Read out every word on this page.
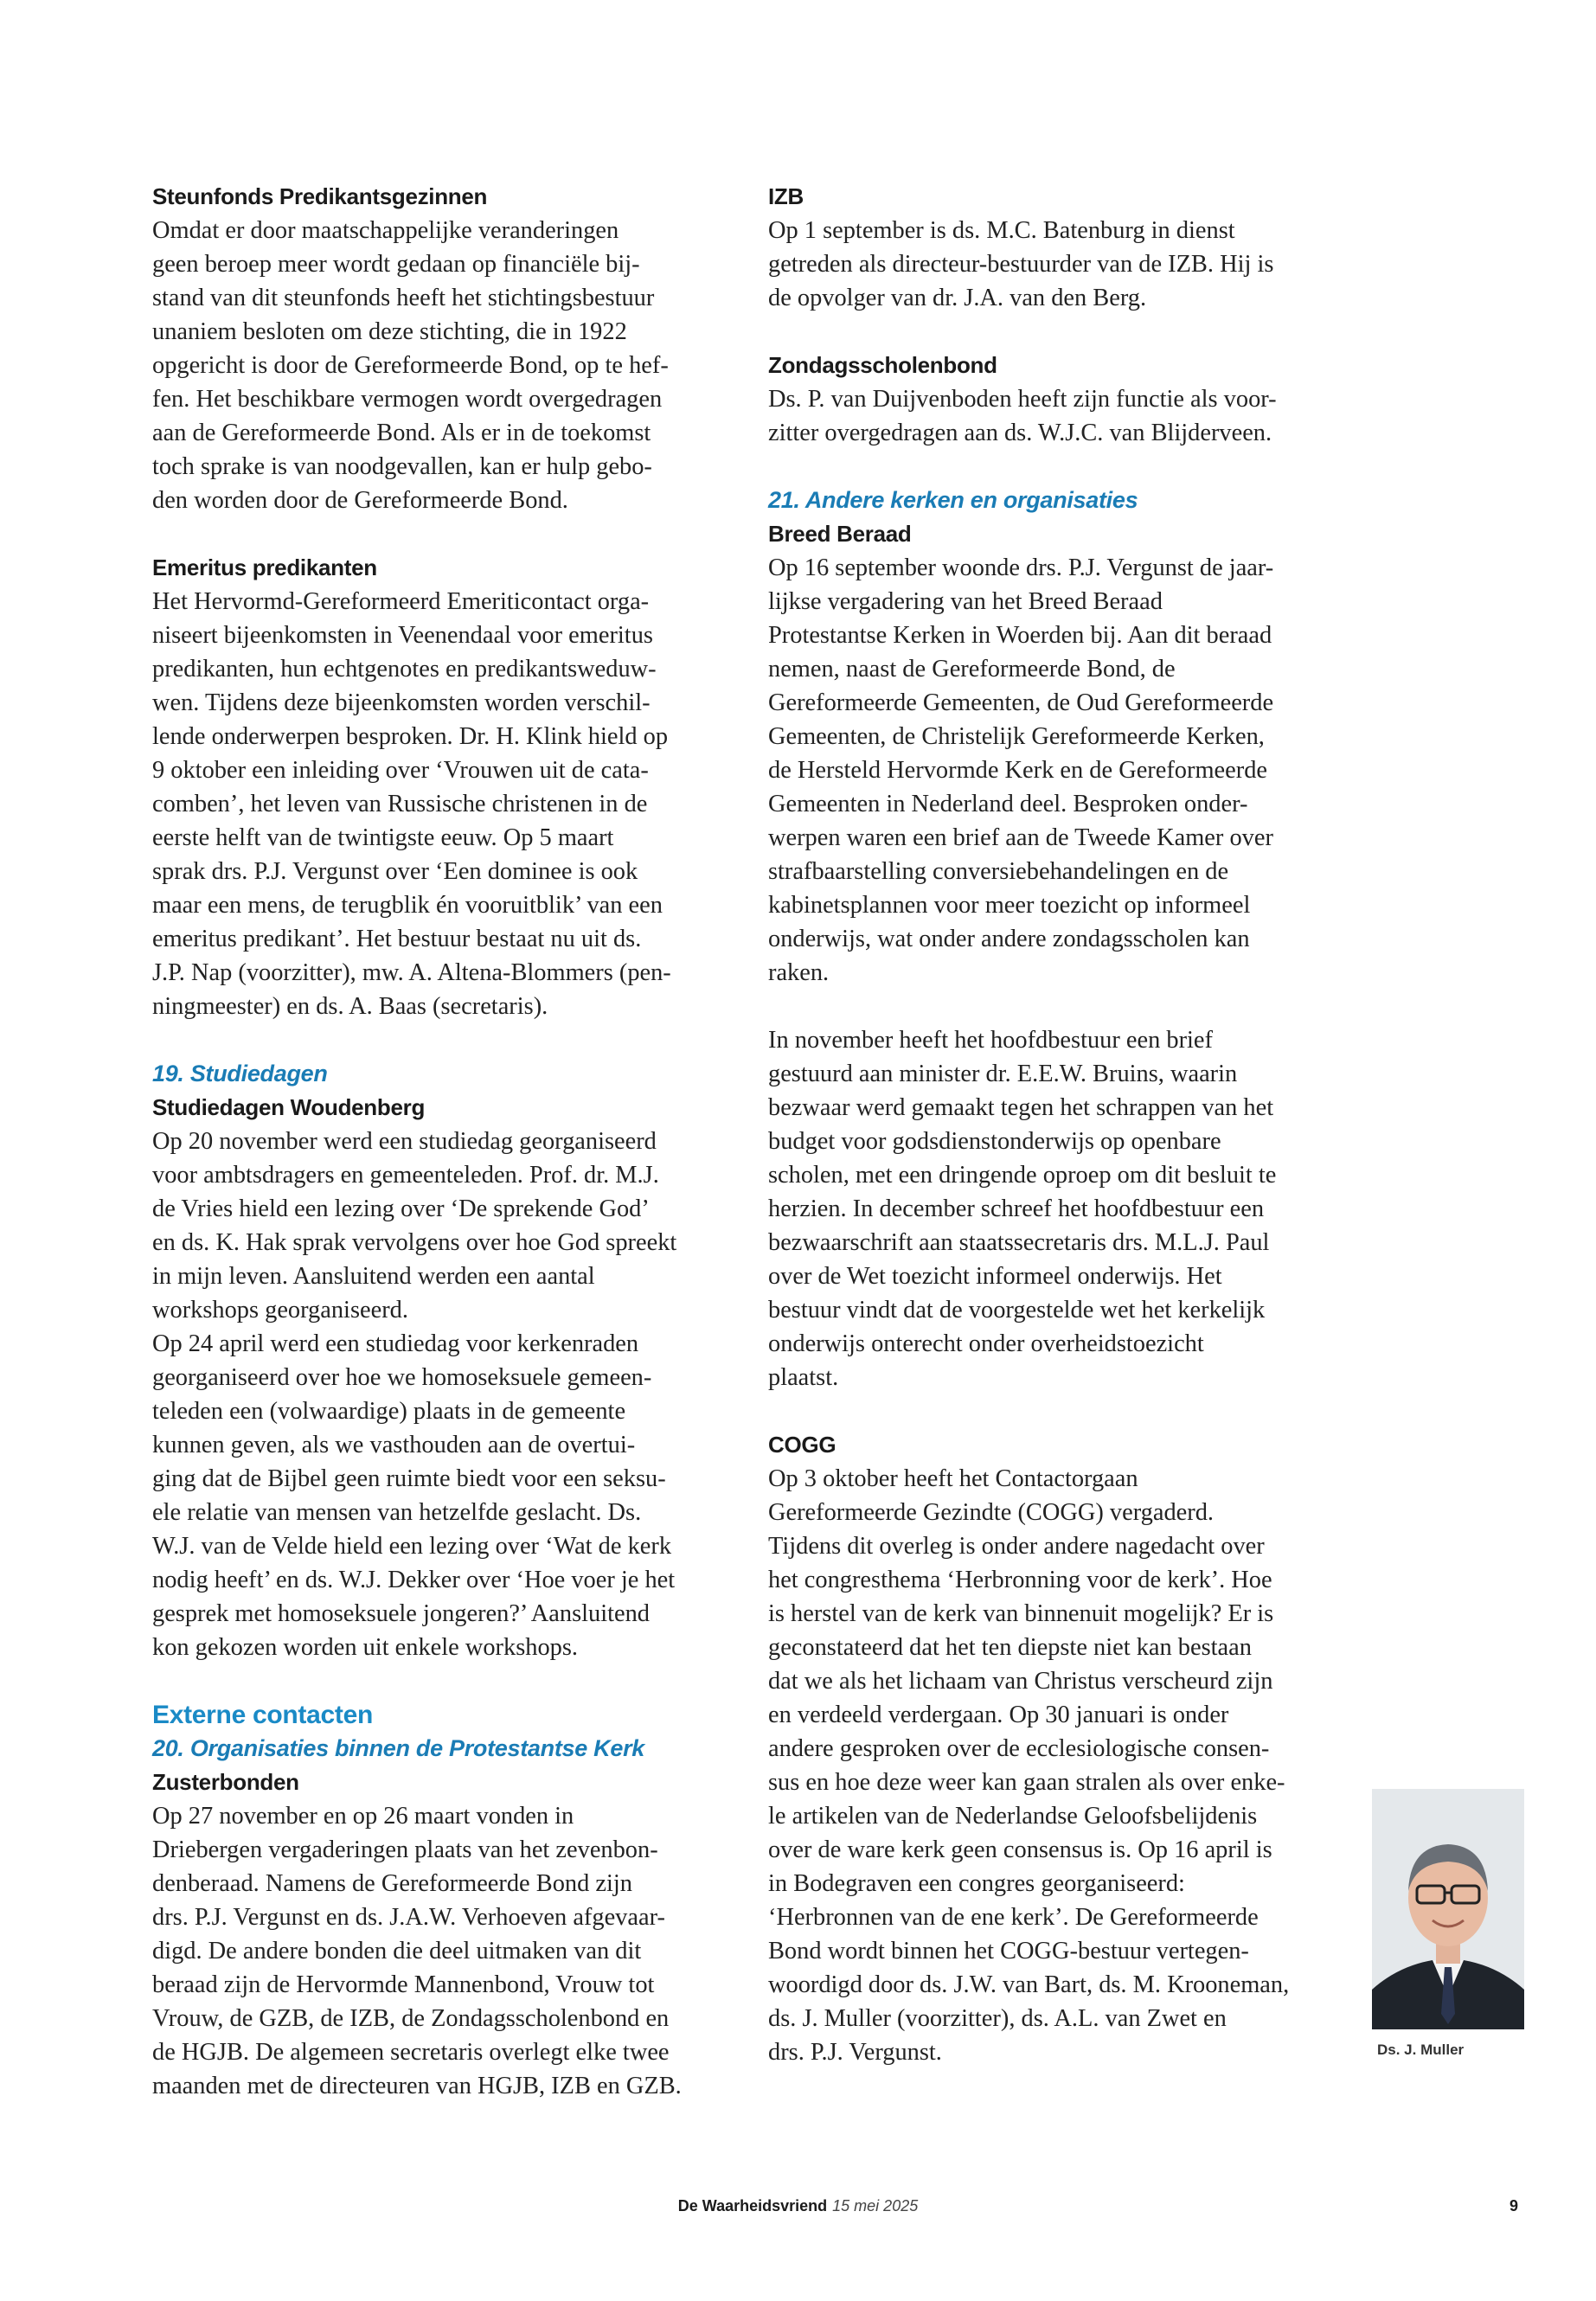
Steunfonds Predikantsgezinnen
Omdat er door maatschappelijke veranderingen
geen beroep meer wordt gedaan op financiële bij-
stand van dit steunfonds heeft het stichtingsbestuur
unaniem besloten om deze stichting, die in 1922
opgericht is door de Gereformeerde Bond, op te hef-
fen. Het beschikbare vermogen wordt overgedragen
aan de Gereformeerde Bond. Als er in de toekomst
toch sprake is van noodgevallen, kan er hulp gebo-
den worden door de Gereformeerde Bond.
Emeritus predikanten
Het Hervormd-Gereformeerd Emeriticontact orga-
niseert bijeenkomsten in Veenendaal voor emeritus
predikanten, hun echtgenotes en predikantsweduw-
wen. Tijdens deze bijeenkomsten worden verschil-
lende onderwerpen besproken. Dr. H. Klink hield op
9 oktober een inleiding over ‘Vrouwen uit de cata-
comben’, het leven van Russische christenen in de
eerste helft van de twintigste eeuw. Op 5 maart
sprak drs. P.J. Vergunst over ‘Een dominee is ook
maar een mens, de terugblik én vooruitblik’ van een
emeritus predikant’. Het bestuur bestaat nu uit ds.
J.P. Nap (voorzitter), mw. A. Altena-Blommers (pen-
ningmeester) en ds. A. Baas (secretaris).
19. Studiedagen
Studiedagen Woudenberg
Op 20 november werd een studiedag georganiseerd
voor ambtsdragers en gemeenteleden. Prof. dr. M.J.
de Vries hield een lezing over ‘De sprekende God’
en ds. K. Hak sprak vervolgens over hoe God spreekt
in mijn leven. Aansluitend werden een aantal
workshops georganiseerd.
Op 24 april werd een studiedag voor kerkenraden
georganiseerd over hoe we homoseksuele gemeen-
teleden een (volwaardige) plaats in de gemeente
kunnen geven, als we vasthouden aan de overtui-
ging dat de Bijbel geen ruimte biedt voor een seksu-
ele relatie van mensen van hetzelfde geslacht. Ds.
W.J. van de Velde hield een lezing over ‘Wat de kerk
nodig heeft’ en ds. W.J. Dekker over ‘Hoe voer je het
gesprek met homoseksuele jongeren?’ Aansluitend
kon gekozen worden uit enkele workshops.
Externe contacten
20. Organisaties binnen de Protestantse Kerk
Zusterbonden
Op 27 november en op 26 maart vonden in
Driebergen vergaderingen plaats van het zevenbon-
denberaad. Namens de Gereformeerde Bond zijn
drs. P.J. Vergunst en ds. J.A.W. Verhoeven afgevaar-
digd. De andere bonden die deel uitmaken van dit
beraad zijn de Hervormde Mannenbond, Vrouw tot
Vrouw, de GZB, de IZB, de Zondagsscholenbond en
de HGJB. De algemeen secretaris overlegt elke twee
maanden met de directeuren van HGJB, IZB en GZB.
IZB
Op 1 september is ds. M.C. Batenburg in dienst
getreden als directeur-bestuurder van de IZB. Hij is
de opvolger van dr. J.A. van den Berg.
Zondagsscholenbond
Ds. P. van Duijvenboden heeft zijn functie als voor-
zitter overgedragen aan ds. W.J.C. van Blijderveen.
21. Andere kerken en organisaties
Breed Beraad
Op 16 september woonde drs. P.J. Vergunst de jaar-
lijkse vergadering van het Breed Beraad
Protestantse Kerken in Woerden bij. Aan dit beraad
nemen, naast de Gereformeerde Bond, de
Gereformeerde Gemeenten, de Oud Gereformeerde
Gemeenten, de Christelijk Gereformeerde Kerken,
de Hersteld Hervormde Kerk en de Gereformeerde
Gemeenten in Nederland deel. Besproken onder-
werpen waren een brief aan de Tweede Kamer over
strafbaarstelling conversiebehandelingen en de
kabinetsplannen voor meer toezicht op informeel
onderwijs, wat onder andere zondagsscholen kan
raken.
In november heeft het hoofdbestuur een brief
gestuurd aan minister dr. E.E.W. Bruins, waarin
bezwaar werd gemaakt tegen het schrappen van het
budget voor godsdienstonderwijs op openbare
scholen, met een dringende oproep om dit besluit te
herzien. In december schreef het hoofdbestuur een
bezwaarschrift aan staatssecretaris drs. M.L.J. Paul
over de Wet toezicht informeel onderwijs. Het
bestuur vindt dat de voorgestelde wet het kerkelijk
onderwijs onterecht onder overheidstoezicht
plaatst.
COGG
Op 3 oktober heeft het Contactorgaan
Gereformeerde Gezindte (COGG) vergaderd.
Tijdens dit overleg is onder andere nagedacht over
het congresthema ‘Herbronning voor de kerk’. Hoe
is herstel van de kerk van binnenuit mogelijk? Er is
geconstateerd dat het ten diepste niet kan bestaan
dat we als het lichaam van Christus verscheurd zijn
en verdeeld verdergaan. Op 30 januari is onder
andere gesproken over de ecclesiologische consen-
sus en hoe deze weer kan gaan stralen als over enke-
le artikelen van de Nederlandse Geloofsbelijdenis
over de ware kerk geen consensus is. Op 16 april is
in Bodegraven een congres georganiseerd:
‘Herbronnen van de ene kerk’. De Gereformeerde
Bond wordt binnen het COGG-bestuur vertegen-
woordigd door ds. J.W. van Bart, ds. M. Krooneman,
ds. J. Muller (voorzitter), ds. A.L. van Zwet en
drs. P.J. Vergunst.	Ds. J. Muller
De Waarheidsvriend 15 mei 2025	9
